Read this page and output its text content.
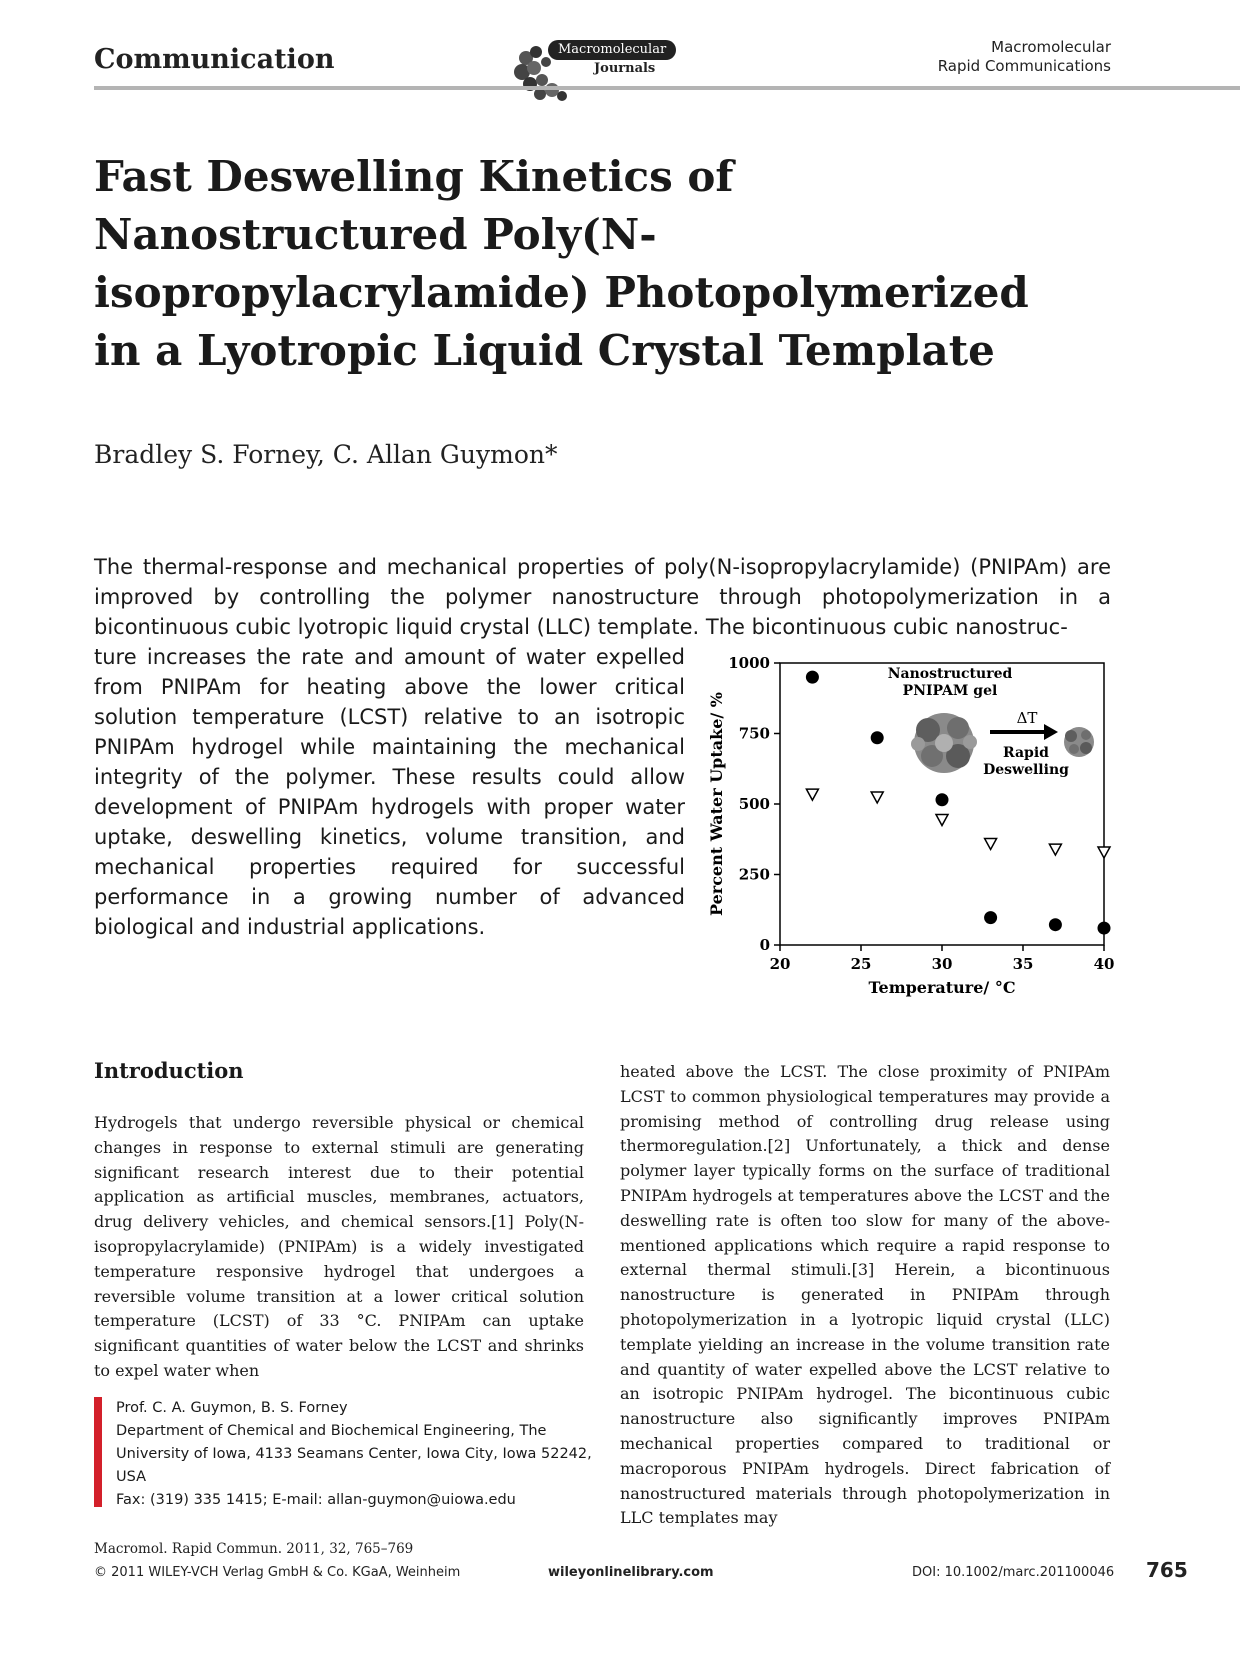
Communication	Macromolecular
Journals
Macromolecular
Rapid Communications
Fast Deswelling Kinetics of Nanostructured Poly(N-isopropylacrylamide) Photopolymerized in a Lyotropic Liquid Crystal Template
Bradley S. Forney, C. Allan Guymon*

The thermal-response and mechanical properties of poly(N-isopropylacrylamide) (PNIPAm) are improved by controlling the polymer nanostructure through photopolymerization in a bicontinuous cubic lyotropic liquid crystal (LLC) template. The bicontinuous cubic nanostruc-

ture increases the rate and amount of water expelled from PNIPAm for heating above the lower critical solution temperature (LCST) relative to an isotropic PNIPAm hydrogel while maintaining the mechanical integrity of the polymer. These results could allow development of PNIPAm hydrogels with proper water uptake, deswelling kinetics, volume transition, and mechanical properties required for successful performance in a growing number of advanced biological and industrial applications.

20	25	30	35	40
0
250
500
750
1000
Temperature/ °C
Percent Water Uptake/ %
Nanostructured
PNIPAM gel
ΔT
Rapid
Deswelling
Introduction

Hydrogels that undergo reversible physical or chemical changes in response to external stimuli are generating significant research interest due to their potential application as artificial muscles, membranes, actuators, drug delivery vehicles, and chemical sensors.[1] Poly(N-isopropylacrylamide) (PNIPAm) is a widely investigated temperature responsive hydrogel that undergoes a reversible volume transition at a lower critical solution temperature (LCST) of 33 °C. PNIPAm can uptake significant quantities of water below the LCST and shrinks to expel water when

heated above the LCST. The close proximity of PNIPAm LCST to common physiological temperatures may provide a promising method of controlling drug release using thermoregulation.[2] Unfortunately, a thick and dense polymer layer typically forms on the surface of traditional PNIPAm hydrogels at temperatures above the LCST and the deswelling rate is often too slow for many of the above-mentioned applications which require a rapid response to external thermal stimuli.[3] Herein, a bicontinuous nanostructure is generated in PNIPAm through photopolymerization in a lyotropic liquid crystal (LLC) template yielding an increase in the volume transition rate and quantity of water expelled above the LCST relative to an isotropic PNIPAm hydrogel. The bicontinuous cubic nanostructure also significantly improves PNIPAm mechanical properties compared to traditional or macroporous PNIPAm hydrogels. Direct fabrication of nanostructured materials through photopolymerization in LLC templates may

Prof. C. A. Guymon, B. S. Forney
Department of Chemical and Biochemical Engineering, The University of Iowa, 4133 Seamans Center, Iowa City, Iowa 52242, USA
Fax: (319) 335 1415; E-mail: allan-guymon@uiowa.edu
Macromol. Rapid Commun. 2011, 32, 765–769
© 2011 WILEY-VCH Verlag GmbH & Co. KGaA, Weinheim	wileyonlinelibrary.com	DOI: 10.1002/marc.201100046 765
